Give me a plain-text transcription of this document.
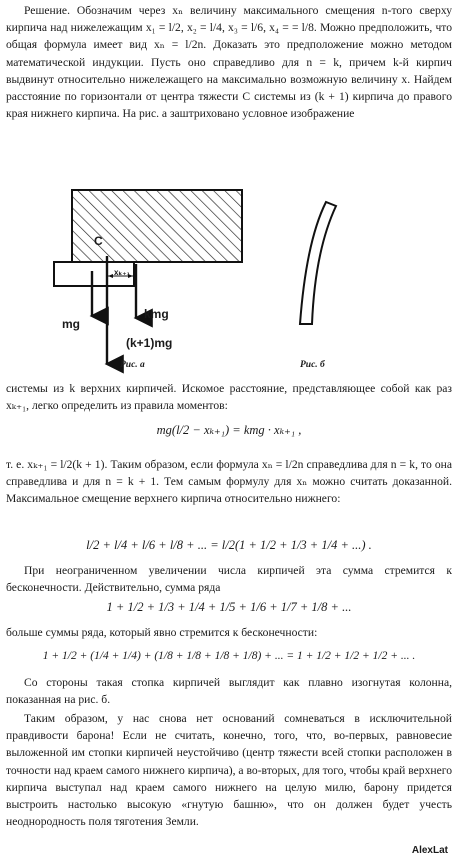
Решение. Обозначим через xₙ величину максимального смещения n-того сверху кирпича над нижележащим x₁ = l/2, x₂ = l/4, x₃ = l/6, x₄ = = l/8. Можно предположить, что общая формула имеет вид xₙ = l/2n. Доказать это предположение можно методом математической индукции. Пусть оно справедливо для n = k, причем k-й кирпич выдвинут относительно нижележащего на максимально возможную величину x. Найдем расстояние по горизонтали от центра тяжести C системы из (k + 1) кирпича до правого края нижнего кирпича. На рис. a заштриховано условное изображение

C
xₖ₊₁
mg
kmg
(k+1)mg
Рис. a	Рис. б

системы из k верхних кирпичей. Искомое расстояние, представляющее собой как раз xₖ₊₁, легко определить из правила моментов:

mg(l/2 − xₖ₊₁) = kmg · xₖ₊₁ ,

т. е. xₖ₊₁ = l/2(k + 1). Таким образом, если формула xₙ = l/2n справедлива для n = k, то она справедлива и для n = k + 1. Тем самым формулу для xₙ можно считать доказанной. Максимальное смещение верхнего кирпича относительно нижнего:

l/2 + l/4 + l/6 + l/8 + ... = l/2(1 + 1/2 + 1/3 + 1/4 + ...) .

При неограниченном увеличении числа кирпичей эта сумма стремится к бесконечности. Действительно, сумма ряда

1 + 1/2 + 1/3 + 1/4 + 1/5 + 1/6 + 1/7 + 1/8 + ...

больше суммы ряда, который явно стремится к бесконечности:

1 + 1/2 + (1/4 + 1/4) + (1/8 + 1/8 + 1/8 + 1/8) + ... = 1 + 1/2 + 1/2 + 1/2 + ... .

Со стороны такая стопка кирпичей выглядит как плавно изогнутая колонна, показанная на рис. б.

Таким образом, у нас снова нет оснований сомневаться в исключительной правдивости барона! Если не считать, конечно, того, что, во-первых, равновесие выложенной им стопки кирпичей неустойчиво (центр тяжести всей стопки расположен в точности над краем самого нижнего кирпича), а во-вторых, для того, чтобы край верхнего кирпича выступал над краем самого нижнего на целую милю, барону придется выстроить настолько высокую «гнутую башню», что он должен будет учесть неоднородность поля тяготения Земли.

AlexLat
